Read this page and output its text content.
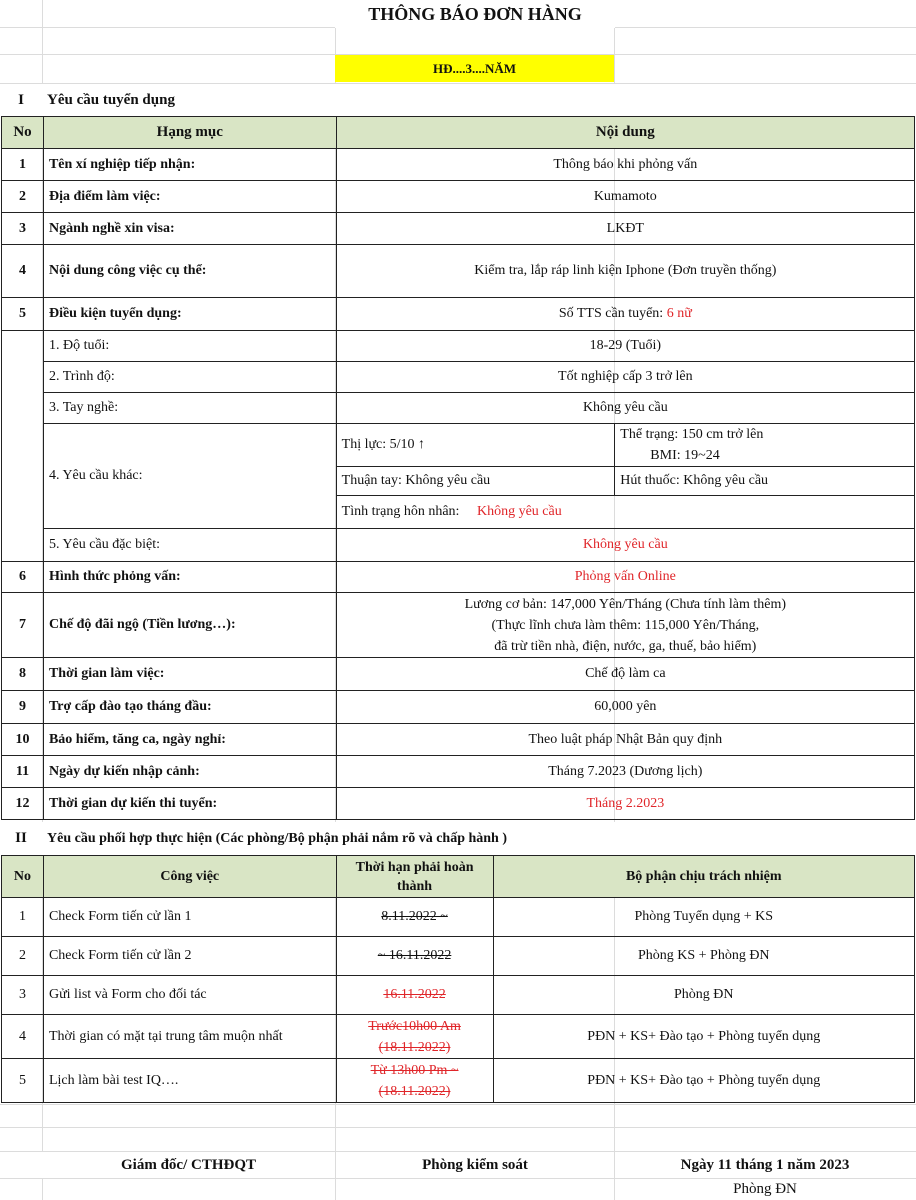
THÔNG BÁO ĐƠN HÀNG
HĐ....3....NĂM
I	Yêu cầu tuyển dụng
No	Hạng mục	Nội dung	
1	Tên xí nghiệp tiếp nhận:	Thông báo khi phỏng vấn	
2	Địa điểm làm việc:	Kumamoto	
3	Ngành nghề xin visa:	LKĐT	
4	Nội dung công việc cụ thể:	Kiểm tra, lắp ráp linh kiện Iphone (Đơn truyền thống)	
5	Điều kiện tuyển dụng:	Số TTS cần tuyển: 6 nữ	
	1. Độ tuổi:	18-29 (Tuổi)	
	2. Trình độ:	Tốt nghiệp cấp 3 trở lên	
	3. Tay nghề:	Không yêu cầu	
	4. Yêu cầu khác:	Thị lực: 5/10 ↑	Thể trạng: 150 cm trở lên
BMI: 19~24

		Thuận tay: Không yêu cầu	Hút thuốc: Không yêu cầu
		Tình trạng hôn nhân: Không yêu cầu	
	5. Yêu cầu đặc biệt:	Không yêu cầu	
6	Hình thức phỏng vấn:	Phỏng vấn Online	
7	Chế độ đãi ngộ (Tiền lương…):	Lương cơ bản: 147,000 Yên/Tháng (Chưa tính làm thêm)
(Thực lĩnh chưa làm thêm: 115,000 Yên/Tháng,
đã trừ tiền nhà, điện, nước, ga, thuế, bảo hiểm)	

8	Thời gian làm việc:	Chế độ làm ca	
9	Trợ cấp đào tạo tháng đầu:	60,000 yên	
10	Bảo hiểm, tăng ca, ngày nghỉ:	Theo luật pháp Nhật Bản quy định	
11	Ngày dự kiến nhập cảnh:	Tháng 7.2023 (Dương lịch)	
12	Thời gian dự kiến thi tuyển:	Tháng 2.2023	
II	Yêu cầu phối hợp thực hiện (Các phòng/Bộ phận phải nắm rõ và chấp hành )
No	Công việc	Thời hạn phải hoàn thành	Bộ phận chịu trách nhiệm
1	Check Form tiến cử lần 1	8.11.2022 ~	Phòng Tuyển dụng + KS
2	Check Form tiến cử lần 2	~ 16.11.2022	Phòng KS + Phòng ĐN
3	Gửi list và Form cho đối tác	16.11.2022	Phòng ĐN
4	Thời gian có mặt tại trung tâm muộn nhất	Trước10h00 Am
(18.11.2022)	PĐN + KS+ Đào tạo + Phòng tuyển dụng
5	Lịch làm bài test IQ….	Từ 13h00 Pm ~
(18.11.2022)	PĐN + KS+ Đào tạo + Phòng tuyển dụng
Giám đốc/ CTHĐQT	Phòng kiểm soát	Ngày 11 tháng 1 năm 2023
Phòng ĐN
